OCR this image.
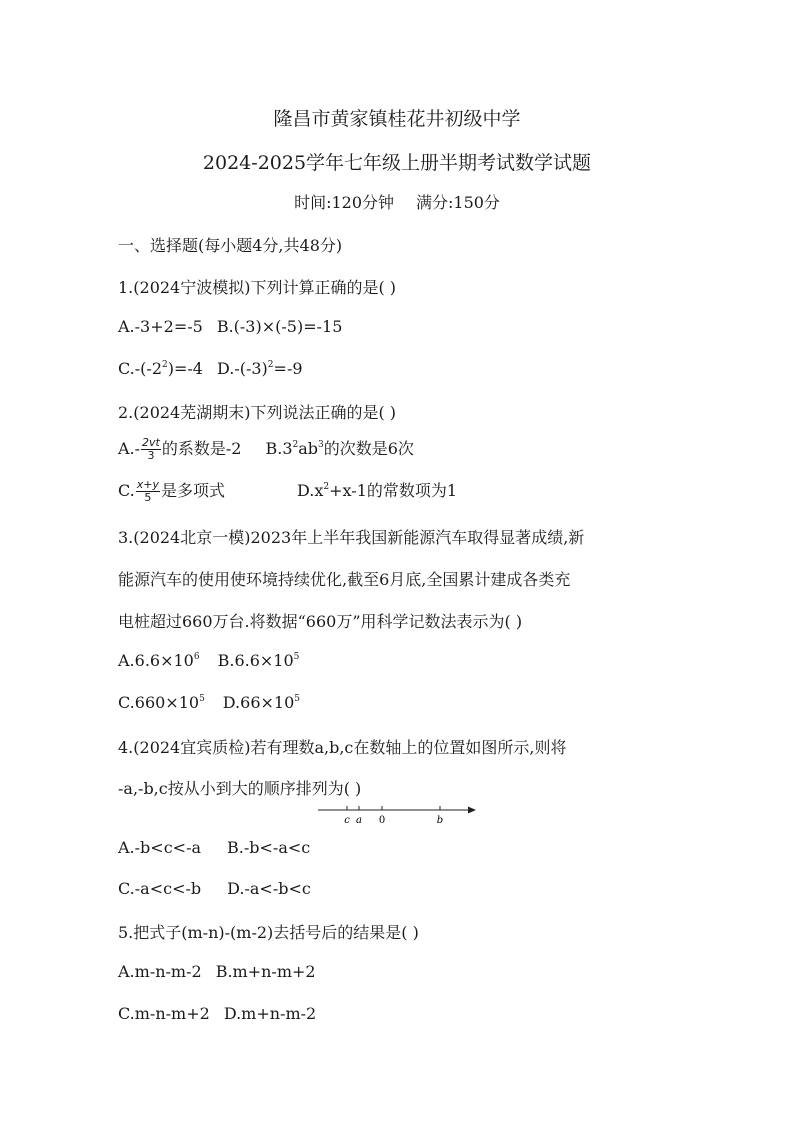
隆昌市黄家镇桂花井初级中学
2024-2025学年七年级上册半期考试数学试题
时间:120分钟 满分:150分
一、选择题(每小题4分,共48分)
1.(2024宁波模拟)下列计算正确的是( )
A.-3+2=-5 B.(-3)×(-5)=-15
$C.-(-2^2)=-4$ $D.-(-3)^2=-9$
2.(2024芜湖期末)下列说法正确的是( )
$A.- \frac{2vt}{3}$ 的系数是-2 $B.3^2ab^3$的次数是6次
C. $\frac{x+y}{5}$ 是多项式	$D.x^2+x-1$的常数项为1
3.(2024北京一模)2023年上半年我国新能源汽车取得显著成绩,新
能源汽车的使用使环境持续优化,截至6月底,全国累计建成各类充
电桩超过660万台.将数据“660万”用科学记数法表示为( )
$A.6.6\times 10^6$ $B.6.6\times 10^5$
$C.660\times 10^5$ $D.66\times 10^5$
4.(2024宜宾质检)若有理数a,b,c在数轴上的位置如图所示,则将
-a,-b,c按从小到大的顺序排列为( )
c a 0	b
A.-b<c<-a B.-b<-a<c
C.-a<c<-b D.-a<-b<c
5.把式子(m-n)-(m-2)去括号后的结果是( )
A.m-n-m-2 B.m+n-m+2
C.m-n-m+2 D.m+n-m-2
